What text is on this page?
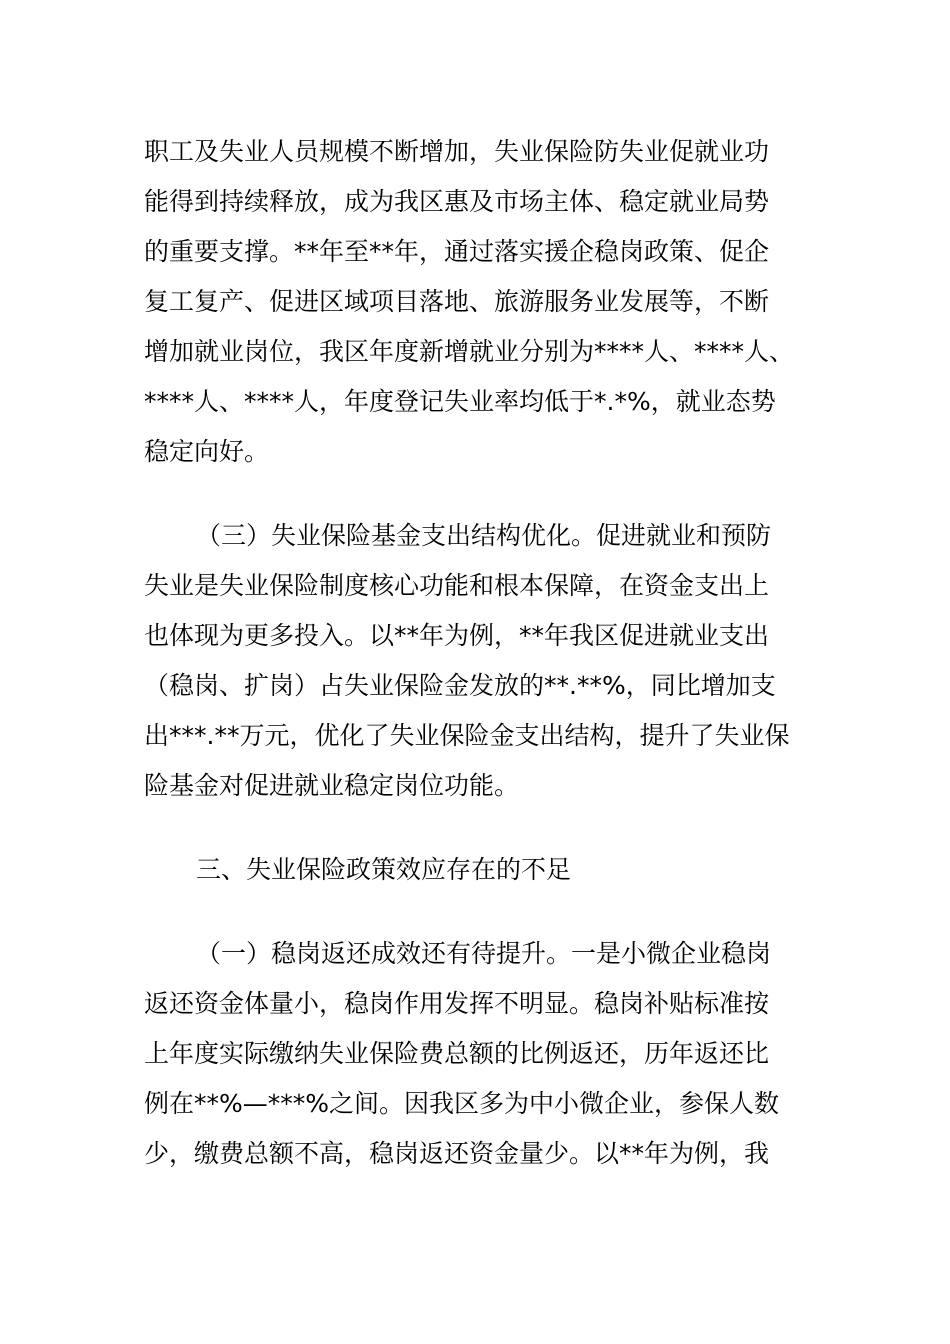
职工及失业人员规模不断增加，失业保险防失业促就业功
能得到持续释放，成为我区惠及市场主体、稳定就业局势
的重要支撑。**年至**年，通过落实援企稳岗政策、促企
复工复产、促进区域项目落地、旅游服务业发展等，不断
增加就业岗位，我区年度新增就业分别为****人、****人、
****人、****人，年度登记失业率均低于*.*%，就业态势
稳定向好。
（三）失业保险基金支出结构优化。促进就业和预防
失业是失业保险制度核心功能和根本保障，在资金支出上
也体现为更多投入。以**年为例，**年我区促进就业支出
（稳岗、扩岗）占失业保险金发放的**.**%，同比增加支
出***.**万元，优化了失业保险金支出结构，提升了失业保
险基金对促进就业稳定岗位功能。
三、失业保险政策效应存在的不足
（一）稳岗返还成效还有待提升。一是小微企业稳岗
返还资金体量小，稳岗作用发挥不明显。稳岗补贴标准按
上年度实际缴纳失业保险费总额的比例返还，历年返还比
例在**%—***%之间。因我区多为中小微企业，参保人数
少，缴费总额不高，稳岗返还资金量少。以**年为例，我
